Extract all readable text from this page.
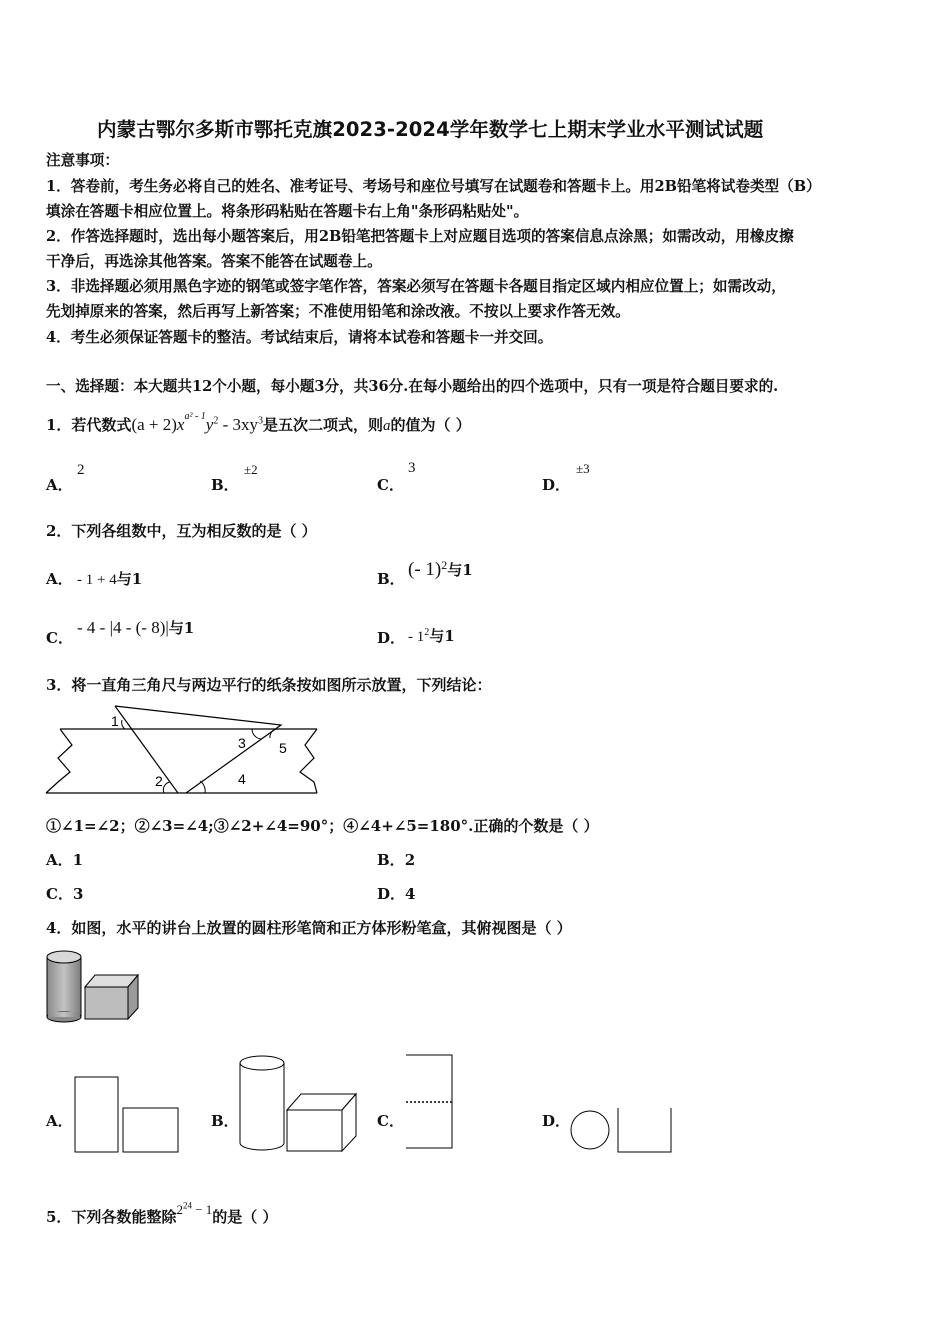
内蒙古鄂尔多斯市鄂托克旗2023-2024学年数学七上期末学业水平测试试题
注意事项：
1．答卷前，考生务必将自己的姓名、准考证号、考场号和座位号填写在试题卷和答题卡上。用2B铅笔将试卷类型（B）
填涂在答题卡相应位置上。将条形码粘贴在答题卡右上角"条形码粘贴处"。
2．作答选择题时，选出每小题答案后，用2B铅笔把答题卡上对应题目选项的答案信息点涂黑；如需改动，用橡皮擦
干净后，再选涂其他答案。答案不能答在试题卷上。
3．非选择题必须用黑色字迹的钢笔或签字笔作答，答案必须写在答题卡各题目指定区域内相应位置上；如需改动，
先划掉原来的答案，然后再写上新答案；不准使用铅笔和涂改液。不按以上要求作答无效。
4．考生必须保证答题卡的整洁。考试结束后，请将本试卷和答题卡一并交回。
一、选择题：本大题共12个小题，每小题3分，共36分.在每小题给出的四个选项中，只有一项是符合题目要求的.
1．若代数式$(a + 2)x^{a^2 - 1}y^2 - 3xy^3$是五次二项式，则a的值为（ ）
A．
2
B．
±2
C．
3
D．
±3
2．下列各组数中，互为相反数的是（ ）
A． - 1 + 4与1	B． (- 1)$^2$与1
C．
- 4 - |4 - (- 8)|与1
D． - $1^2$与1
3．将一直角三角尺与两边平行的纸条按如图所示放置，下列结论：
1
2
3
4
5
①∠1=∠2；②∠3=∠4;③∠2+∠4=90°；④∠4+∠5=180°.正确的个数是（ ）
A．1	B．2
C．3	D．4
4．如图，水平的讲台上放置的圆柱形笔筒和正方体形粉笔盒，其俯视图是（ ）
A．	B．	C．	D．
5．下列各数能整除$2^{24} - 1$的是（ ）
